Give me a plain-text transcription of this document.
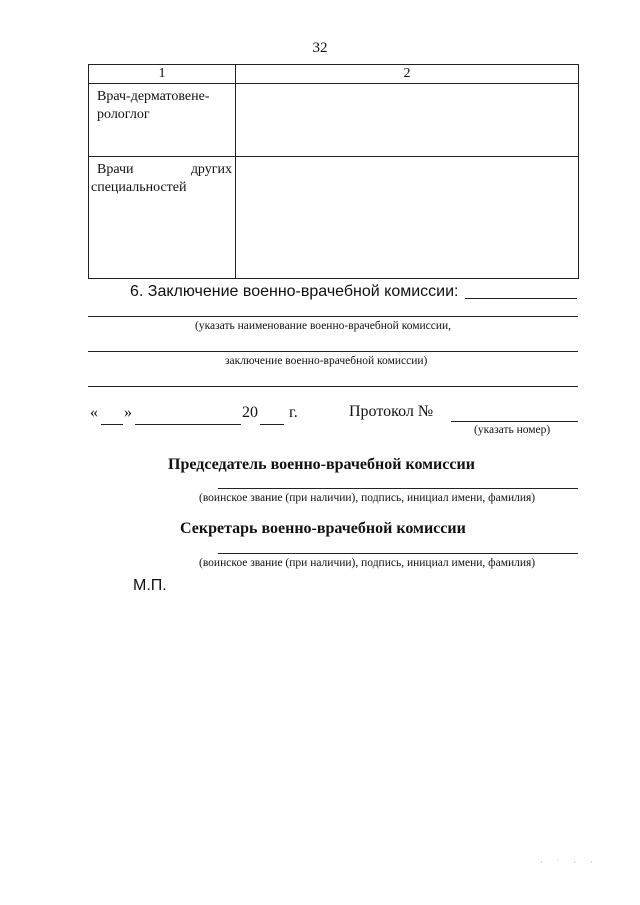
32
1	2

Врач-дерматовене-
рологлог	

Врачи других
специальностей	

6. Заключение военно-врачебной комиссии:
(указать наименование военно-врачебной комиссии,
заключение военно-врачебной комиссии)
« »	20 г.	Протокол №
(указать номер)
Председатель военно-врачебной комиссии
(воинское звание (при наличии), подпись, инициал имени, фамилия)
Секретарь военно-врачебной комиссии
(воинское звание (при наличии), подпись, инициал имени, фамилия)
М.П.
· ˙ · ·
